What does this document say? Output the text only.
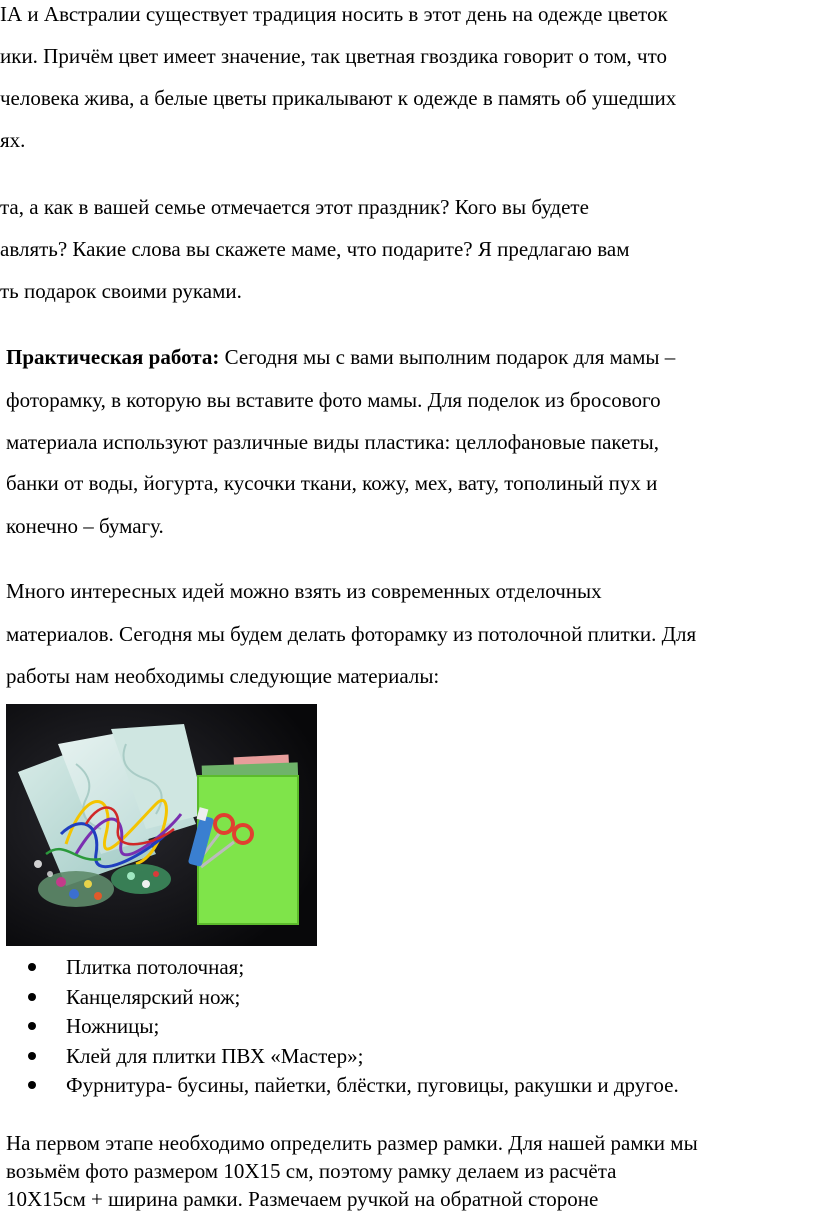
ІА и Австралии существует традиция носить в этот день на одежде цветок
ики. Причём цвет имеет значение, так цветная гвоздика говорит о том, что
человека жива, а белые цветы прикалывают к одежде в память об ушедших
ях.
та, а как в вашей семье отмечается этот праздник? Кого вы будете
авлять? Какие слова вы скажете маме, что подарите? Я предлагаю вам
ть подарок своими руками.
Практическая работа: Сегодня мы с вами выполним подарок для мамы –
фоторамку, в которую вы вставите фото мамы. Для поделок из бросового
материала используют различные виды пластика: целлофановые пакеты,
банки от воды, йогурта, кусочки ткани, кожу, мех, вату, тополиный пух и
конечно – бумагу.
Много интересных идей можно взять из современных отделочных
материалов. Сегодня мы будем делать фоторамку из потолочной плитки. Для
работы нам необходимы следующие материалы:
Плитка потолочная;
Канцелярский нож;
Ножницы;
Клей для плитки ПВХ «Мастер»;
Фурнитура- бусины, пайетки, блёстки, пуговицы, ракушки и другое.
На первом этапе необходимо определить размер рамки. Для нашей рамки мы
возьмём фото размером 10Х15 см, поэтому рамку делаем из расчёта
10Х15см + ширина рамки. Размечаем ручкой на обратной стороне
